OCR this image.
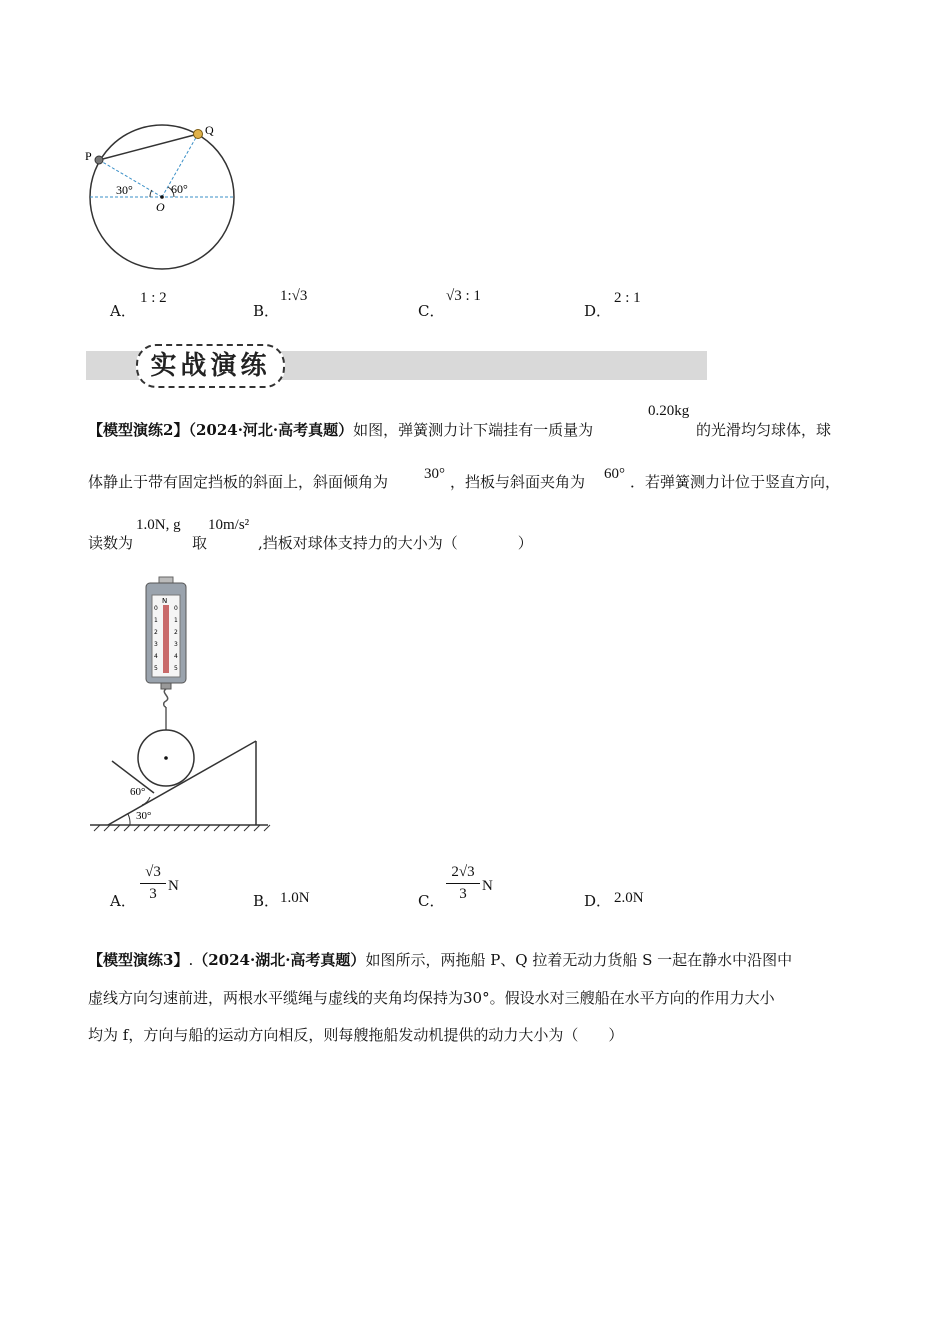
P
Q
O
30°	60°
A．
1 : 2
B．
1:√3
C．
√3 : 1
D．
2 : 1
实战演练
【模型演练2】（2024·河北·高考真题）如图，弹簧测力计下端挂有一质量为
0.20kg
的光滑均匀球体，球
体静止于带有固定挡板的斜面上，斜面倾角为 30° ，挡板与斜面夹角为 60° ．若弹簧测力计位于竖直方向，
读数为
1.0N, g
取
10m/s²
,挡板对球体支持力的大小为（　　　　）
N
0
1
2
3
4
5
0
1
2
3
4
5
60°
30°
A．
√3
3 N
B． 1.0N	C．
2√3
3	N
D． 2.0N
【模型演练3】.（2024·湖北·高考真题）如图所示，两拖船 P、Q 拉着无动力货船 S 一起在静水中沿图中
虚线方向匀速前进，两根水平缆绳与虚线的夹角均保持为30°。假设水对三艘船在水平方向的作用力大小
均为 f，方向与船的运动方向相反，则每艘拖船发动机提供的动力大小为（　　）
